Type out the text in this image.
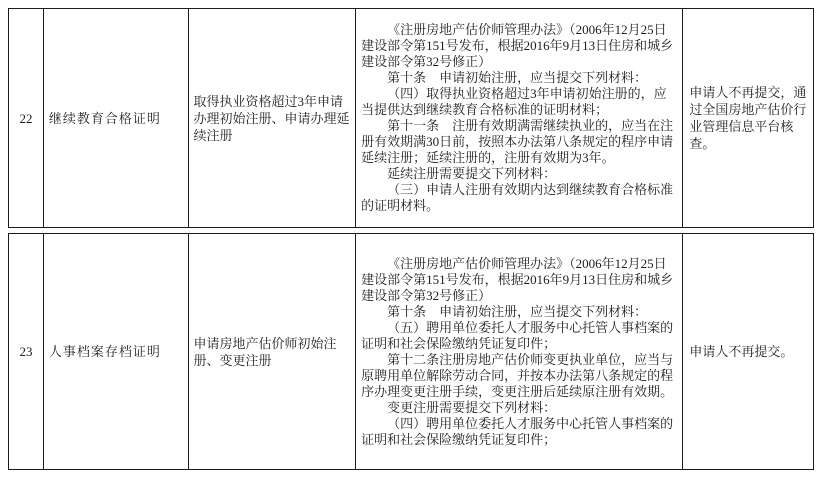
22 继续教育合格证明
取得执业资格超过3年申请办理初始注册、申请办理延续注册

《注册房地产估价师管理办法》（2006年12月25日建设部令第151号发布，根据2016年9月13日住房和城乡建设部令第32号修正）

第十条　申请初始注册，应当提交下列材料：

（四）取得执业资格超过3年申请初始注册的，应当提供达到继续教育合格标准的证明材料；

第十一条　注册有效期满需继续执业的，应当在注册有效期满30日前，按照本办法第八条规定的程序申请延续注册；延续注册的，注册有效期为3年。

延续注册需要提交下列材料：

（三）申请人注册有效期内达到继续教育合格标准的证明材料。

申请人不再提交，通过全国房地产估价行业管理信息平台核查。
23 人事档案存档证明
申请房地产估价师初始注册、变更注册

《注册房地产估价师管理办法》（2006年12月25日建设部令第151号发布，根据2016年9月13日住房和城乡建设部令第32号修正）

第十条　申请初始注册，应当提交下列材料：

（五）聘用单位委托人才服务中心托管人事档案的证明和社会保险缴纳凭证复印件；

第十二条注册房地产估价师变更执业单位，应当与原聘用单位解除劳动合同，并按本办法第八条规定的程序办理变更注册手续，变更注册后延续原注册有效期。

变更注册需要提交下列材料：

（四）聘用单位委托人才服务中心托管人事档案的证明和社会保险缴纳凭证复印件；

申请人不再提交。
